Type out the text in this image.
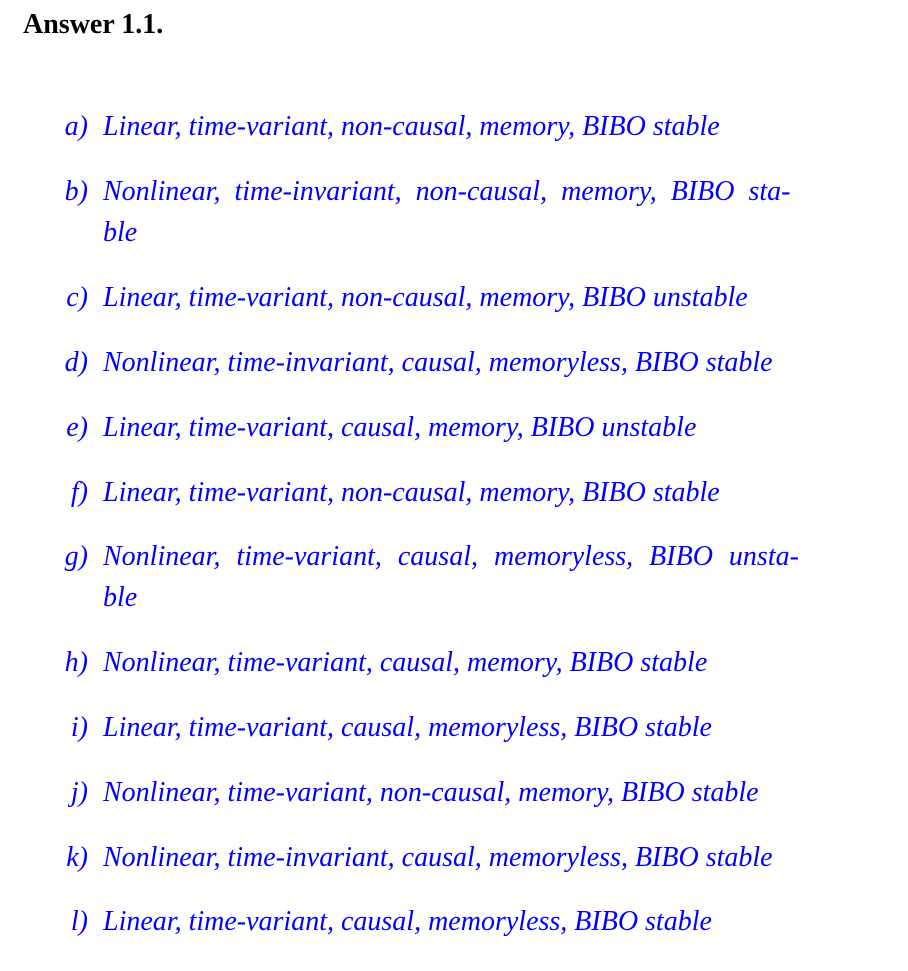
Answer 1.1.
a) Linear, time-variant, non-causal, memory, BIBO stable
b) Nonlinear, time-invariant, non-causal, memory, BIBO sta-
ble
c) Linear, time-variant, non-causal, memory, BIBO unstable
d) Nonlinear, time-invariant, causal, memoryless, BIBO stable
e) Linear, time-variant, causal, memory, BIBO unstable
f) Linear, time-variant, non-causal, memory, BIBO stable
g) Nonlinear, time-variant, causal, memoryless, BIBO unsta-
ble
h) Nonlinear, time-variant, causal, memory, BIBO stable
i) Linear, time-variant, causal, memoryless, BIBO stable
j) Nonlinear, time-variant, non-causal, memory, BIBO stable
k) Nonlinear, time-invariant, causal, memoryless, BIBO stable
l) Linear, time-variant, causal, memoryless, BIBO stable
